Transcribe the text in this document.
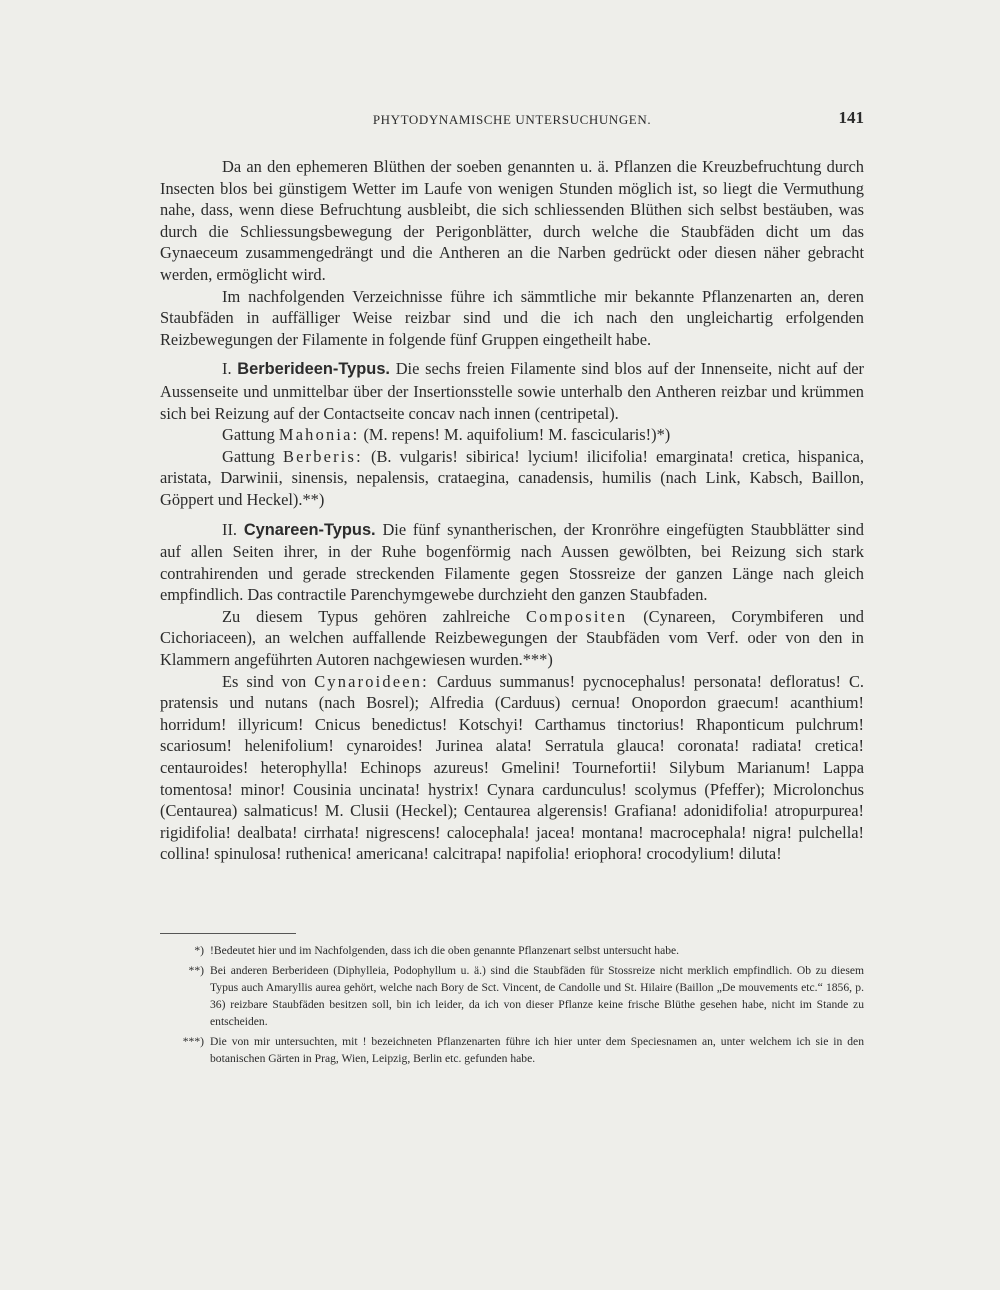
PHYTODYNAMISCHE UNTERSUCHUNGEN.	141

Da an den ephemeren Blüthen der soeben genannten u. ä. Pflanzen die Kreuzbefruchtung durch Insecten blos bei günstigem Wetter im Laufe von wenigen Stunden möglich ist, so liegt die Vermuthung nahe, dass, wenn diese Befruchtung ausbleibt, die sich schliessenden Blüthen sich selbst bestäuben, was durch die Schliessungsbewegung der Perigonblätter, durch welche die Staubfäden dicht um das Gynaeceum zusammengedrängt und die Antheren an die Narben gedrückt oder diesen näher gebracht werden, ermöglicht wird.

Im nachfolgenden Verzeichnisse führe ich sämmtliche mir bekannte Pflanzenarten an, deren Staubfäden in auffälliger Weise reizbar sind und die ich nach den ungleichartig erfolgenden Reizbewegungen der Filamente in folgende fünf Gruppen eingetheilt habe.

I. Berberideen-Typus. Die sechs freien Filamente sind blos auf der Innenseite, nicht auf der Aussenseite und unmittelbar über der Insertionsstelle sowie unterhalb den Antheren reizbar und krümmen sich bei Reizung auf der Contactseite concav nach innen (centripetal).

Gattung Mahonia: (M. repens! M. aquifolium! M. fascicularis!)*)

Gattung Berberis: (B. vulgaris! sibirica! lycium! ilicifolia! emarginata! cretica, hispanica, aristata, Darwinii, sinensis, nepalensis, crataegina, canadensis, humilis (nach Link, Kabsch, Baillon, Göppert und Heckel).**)

II. Cynareen-Typus. Die fünf synantherischen, der Kronröhre eingefügten Staubblätter sind auf allen Seiten ihrer, in der Ruhe bogenförmig nach Aussen gewölbten, bei Reizung sich stark contrahirenden und gerade streckenden Filamente gegen Stossreize der ganzen Länge nach gleich empfindlich. Das contractile Parenchymgewebe durchzieht den ganzen Staubfaden.

Zu diesem Typus gehören zahlreiche Compositen (Cynareen, Corymbiferen und Cichoriaceen), an welchen auffallende Reizbewegungen der Staubfäden vom Verf. oder von den in Klammern angeführten Autoren nachgewiesen wurden.***)

Es sind von Cynaroideen: Carduus summanus! pycnocephalus! personata! defloratus! C. pratensis und nutans (nach Bosrel); Alfredia (Carduus) cernua! Onopordon graecum! acanthium! horridum! illyricum! Cnicus benedictus! Kotschyi! Carthamus tinctorius! Rhaponticum pulchrum! scariosum! helenifolium! cynaroides! Jurinea alata! Serratula glauca! coronata! radiata! cretica! centauroides! heterophylla! Echinops azureus! Gmelini! Tournefortii! Silybum Marianum! Lappa tomentosa! minor! Cousinia uncinata! hystrix! Cynara cardunculus! scolymus (Pfeffer); Microlonchus (Centaurea) salmaticus! M. Clusii (Heckel); Centaurea algerensis! Grafiana! adonidifolia! atropurpurea! rigidifolia! dealbata! cirrhata! nigrescens! calocephala! jacea! montana! macrocephala! nigra! pulchella! collina! spinulosa! ruthenica! americana! calcitrapa! napifolia! eriophora! crocodylium! diluta!

*) !Bedeutet hier und im Nachfolgenden, dass ich die oben genannte Pflanzenart selbst untersucht habe.
**) Bei anderen Berberideen (Diphylleia, Podophyllum u. ä.) sind die Staubfäden für Stossreize nicht merklich empfindlich. Ob zu diesem Typus auch Amaryllis aurea gehört, welche nach Bory de Sct. Vincent, de Candolle und St. Hilaire (Baillon „De mouvements etc.“ 1856, p. 36) reizbare Staubfäden besitzen soll, bin ich leider, da ich von dieser Pflanze keine frische Blüthe gesehen habe, nicht im Stande zu entscheiden.
***) Die von mir untersuchten, mit ! bezeichneten Pflanzenarten führe ich hier unter dem Speciesnamen an, unter welchem ich sie in den botanischen Gärten in Prag, Wien, Leipzig, Berlin etc. gefunden habe.
